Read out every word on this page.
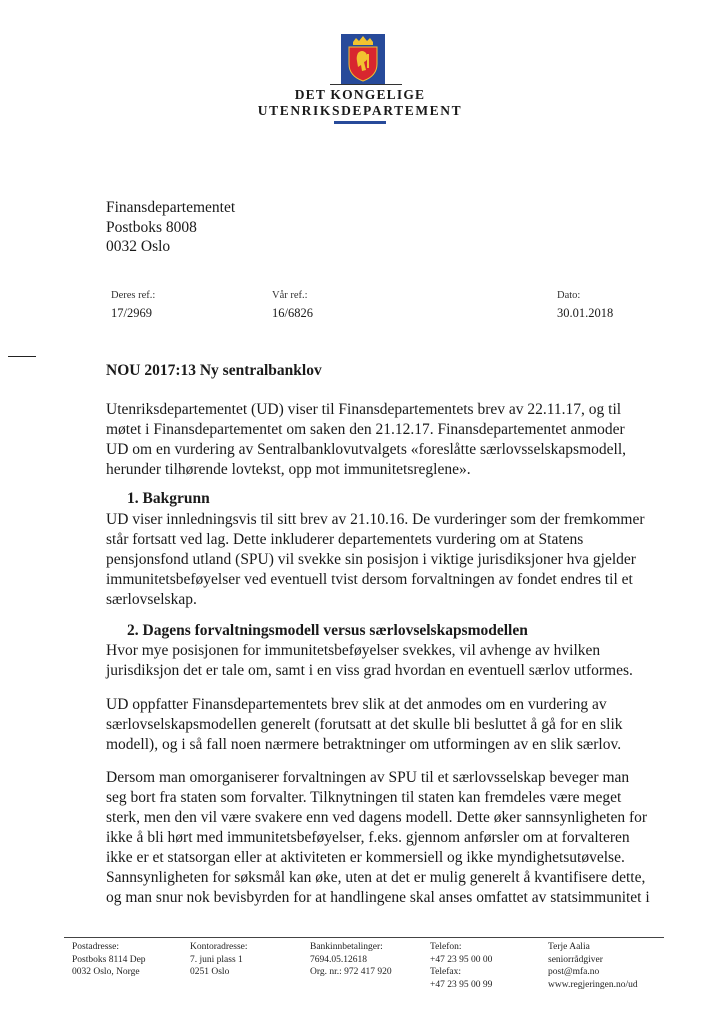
DET KONGELIGE
UTENRIKSDEPARTEMENT
Finansdepartementet
Postboks 8008
0032 Oslo
Deres ref.:
17/2969
Vår ref.:
16/6826
Dato:
30.01.2018
NOU 2017:13 Ny sentralbanklov

Utenriksdepartementet (UD) viser til Finansdepartementets brev av 22.11.17, og til
møtet i Finansdepartementet om saken den 21.12.17. Finansdepartementet anmoder
UD om en vurdering av Sentralbanklovutvalgets «foreslåtte særlovsselskapsmodell,
herunder tilhørende lovtekst, opp mot immunitetsreglene».

1. Bakgrunn

UD viser innledningsvis til sitt brev av 21.10.16. De vurderinger som der fremkommer
står fortsatt ved lag. Dette inkluderer departementets vurdering om at Statens
pensjonsfond utland (SPU) vil svekke sin posisjon i viktige jurisdiksjoner hva gjelder
immunitetsbeføyelser ved eventuell tvist dersom forvaltningen av fondet endres til et
særlovselskap.

2. Dagens forvaltningsmodell versus særlovselskapsmodellen

Hvor mye posisjonen for immunitetsbeføyelser svekkes, vil avhenge av hvilken
jurisdiksjon det er tale om, samt i en viss grad hvordan en eventuell særlov utformes.

UD oppfatter Finansdepartementets brev slik at det anmodes om en vurdering av
særlovselskapsmodellen generelt (forutsatt at det skulle bli besluttet å gå for en slik
modell), og i så fall noen nærmere betraktninger om utformingen av en slik særlov.

Dersom man omorganiserer forvaltningen av SPU til et særlovsselskap beveger man
seg bort fra staten som forvalter. Tilknytningen til staten kan fremdeles være meget
sterk, men den vil være svakere enn ved dagens modell. Dette øker sannsynligheten for
ikke å bli hørt med immunitetsbeføyelser, f.eks. gjennom anførsler om at forvalteren
ikke er et statsorgan eller at aktiviteten er kommersiell og ikke myndighetsutøvelse.
Sannsynligheten for søksmål kan øke, uten at det er mulig generelt å kvantifisere dette,
og man snur nok bevisbyrden for at handlingene skal anses omfattet av statsimmunitet i

Postadresse:
Postboks 8114 Dep
0032 Oslo, Norge
Kontoradresse:
7. juni plass 1
0251 Oslo
Bankinnbetalinger:
7694.05.12618
Org. nr.: 972 417 920
Telefon:
+47 23 95 00 00
Telefax:
+47 23 95 00 99
Terje Aalia
seniorrådgiver
post@mfa.no
www.regjeringen.no/ud
